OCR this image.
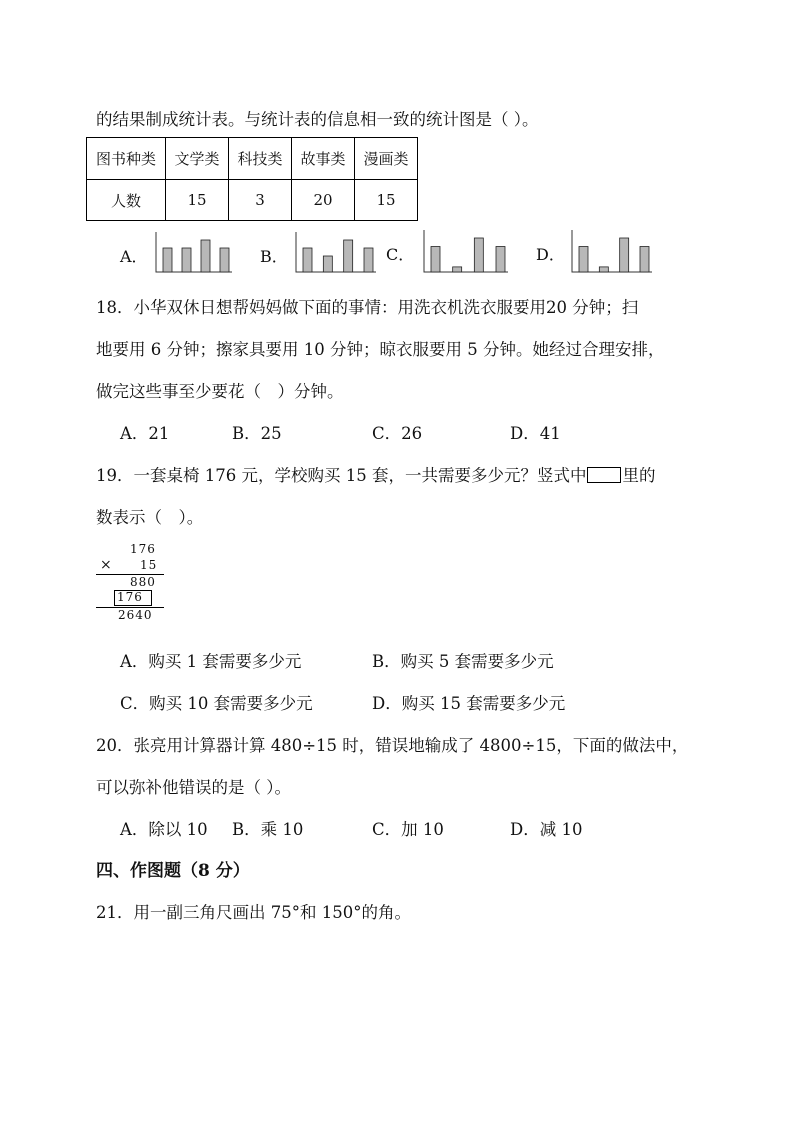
的结果制成统计表。与统计表的信息相一致的统计图是（ ）。
图书种类	文学类	科技类	故事类	漫画类
人数	15	3	20	15
A．	B．	C．	D．
18．小华双休日想帮妈妈做下面的事情：用洗衣机洗衣服要用20 分钟；扫
地要用 6 分钟；擦家具要用 10 分钟；晾衣服要用 5 分钟。她经过合理安排，
做完这些事至少要花（　）分钟。
A．21	B．25	C．26	D．41
19．一套桌椅 176 元，学校购买 15 套，一共需要多少元？竖式中 里的
数表示（　）。
176
× 15
880
176
2640
A．购买 1 套需要多少元	B．购买 5 套需要多少元
C．购买 10 套需要多少元	D．购买 15 套需要多少元
20．张亮用计算器计算 480÷15 时，错误地输成了 4800÷15，下面的做法中，
可以弥补他错误的是（ ）。
A．除以 10 B．乘 10	C．加 10	D．减 10
四、作图题（8 分）
21．用一副三角尺画出 75°和 150°的角。
